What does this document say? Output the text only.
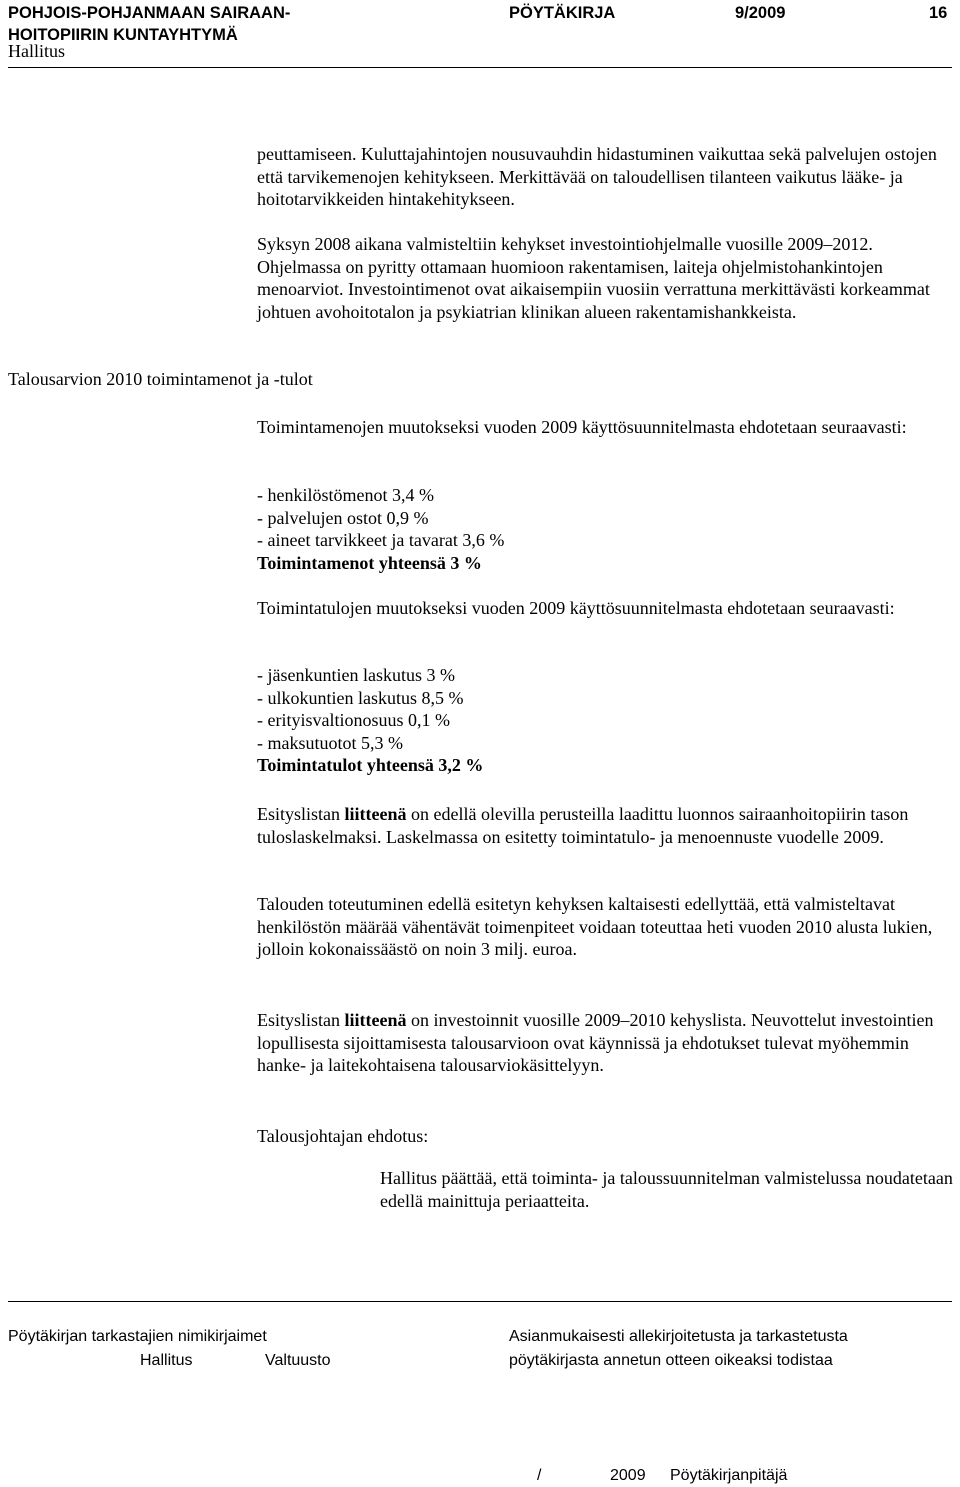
POHJOIS-POHJANMAAN SAIRAAN-
HOITOPIIRIN KUNTAYHTYMÄ
PÖYTÄKIRJA	9/2009	16
Hallitus
Talousarvion 2010 toimintamenot ja -tulot

peuttamiseen. Kuluttajahintojen nousuvauhdin hidastuminen vaikuttaa sekä palvelujen ostojen että tarvikemenojen kehitykseen. Merkittävää on taloudellisen tilanteen vaikutus lääke- ja hoitotarvikkeiden hintakehitykseen.

Syksyn 2008 aikana valmisteltiin kehykset investointiohjelmalle vuosille 2009–2012. Ohjelmassa on pyritty ottamaan huomioon rakentamisen, laiteja ohjelmistohankintojen menoarviot. Investointimenot ovat aikaisempiin vuosiin verrattuna merkittävästi korkeammat johtuen avohoitotalon ja psykiatrian klinikan alueen rakentamishankkeista.

Toimintamenojen muutokseksi vuoden 2009 käyttösuunnitelmasta ehdotetaan seuraavasti:

- henkilöstömenot 3,4 %
- palvelujen ostot 0,9 %
- aineet tarvikkeet ja tavarat 3,6 %
Toimintamenot yhteensä 3 %

Toimintatulojen muutokseksi vuoden 2009 käyttösuunnitelmasta ehdotetaan seuraavasti:

- jäsenkuntien laskutus 3 %
- ulkokuntien laskutus 8,5 %
- erityisvaltionosuus 0,1 %
- maksutuotot 5,3 %
Toimintatulot yhteensä 3,2 %

Esityslistan liitteenä on edellä olevilla perusteilla laadittu luonnos sairaanhoitopiirin tason tuloslaskelmaksi. Laskelmassa on esitetty toimintatulo- ja menoennuste vuodelle 2009.

Talouden toteutuminen edellä esitetyn kehyksen kaltaisesti edellyttää, että valmisteltavat henkilöstön määrää vähentävät toimenpiteet voidaan toteuttaa heti vuoden 2010 alusta lukien, jolloin kokonaissäästö on noin 3 milj. euroa.

Esityslistan liitteenä on investoinnit vuosille 2009–2010 kehyslista. Neuvottelut investointien lopullisesta sijoittamisesta talousarvioon ovat käynnissä ja ehdotukset tulevat myöhemmin hanke- ja laitekohtaisena talousarviokäsittelyyn.

Talousjohtajan ehdotus:
Hallitus päättää, että toiminta- ja taloussuunnitelman valmistelussa noudatetaan edellä mainittuja periaatteita.
Pöytäkirjan tarkastajien nimikirjaimet
Hallitus	Valtuusto
Asianmukaisesti allekirjoitetusta ja tarkastetusta
pöytäkirjasta annetun otteen oikeaksi todistaa
/	2009 Pöytäkirjanpitäjä
